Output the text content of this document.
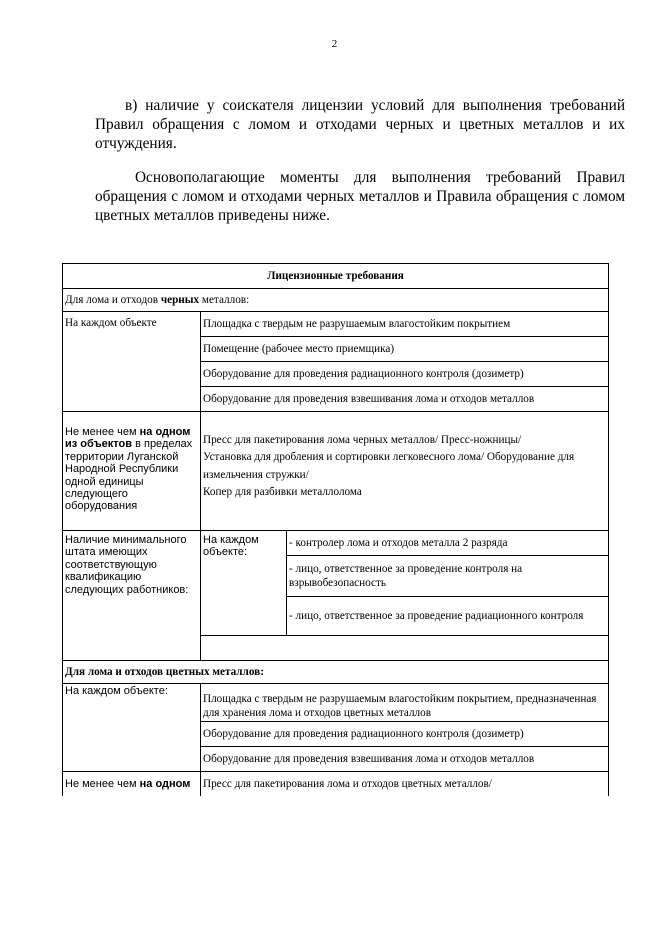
2

в) наличие у соискателя лицензии условий для выполнения требований Правил обращения с ломом и отходами черных и цветных металлов и их отчуждения.

Основополагающие моменты для выполнения требований Правил обращения с ломом и отходами черных металлов и Правила обращения с ломом цветных металлов приведены ниже.

Лицензионные требования		
Для лома и отходов черных металлов:		
На каждом объекте	Площадка с твердым не разрушаемым влагостойким покрытием	
	Помещение (рабочее место приемщика)	
	Оборудование для проведения радиационного контроля (дозиметр)	
	Оборудование для проведения взвешивания лома и отходов металлов	
Не менее чем на одном из объектов в пределах территории Луганской Народной Республики одной единицы следующего оборудования	Пресс для пакетирования лома черных металлов/ Пресс-ножницы/
Установка для дробления и сортировки легковесного лома/ Оборудование для измельчения стружки/
Копер для разбивки металлолома	

Наличие минимального штата имеющих соответствующую квалификацию следующих работников:	На каждом объекте:	- контролер лома и отходов металла 2 разряда
		- лицо, ответственное за проведение контроля на взрывобезопасность
		- лицо, ответственное за проведение радиационного контроля

Для лома и отходов цветных металлов:		
На каждом объекте:	Площадка с твердым не разрушаемым влагостойким покрытием, предназначенная для хранения лома и отходов цветных металлов	
	Оборудование для проведения радиационного контроля (дозиметр)	
	Оборудование для проведения взвешивания лома и отходов металлов	
Не менее чем на одном	Пресс для пакетирования лома и отходов цветных металлов/	
